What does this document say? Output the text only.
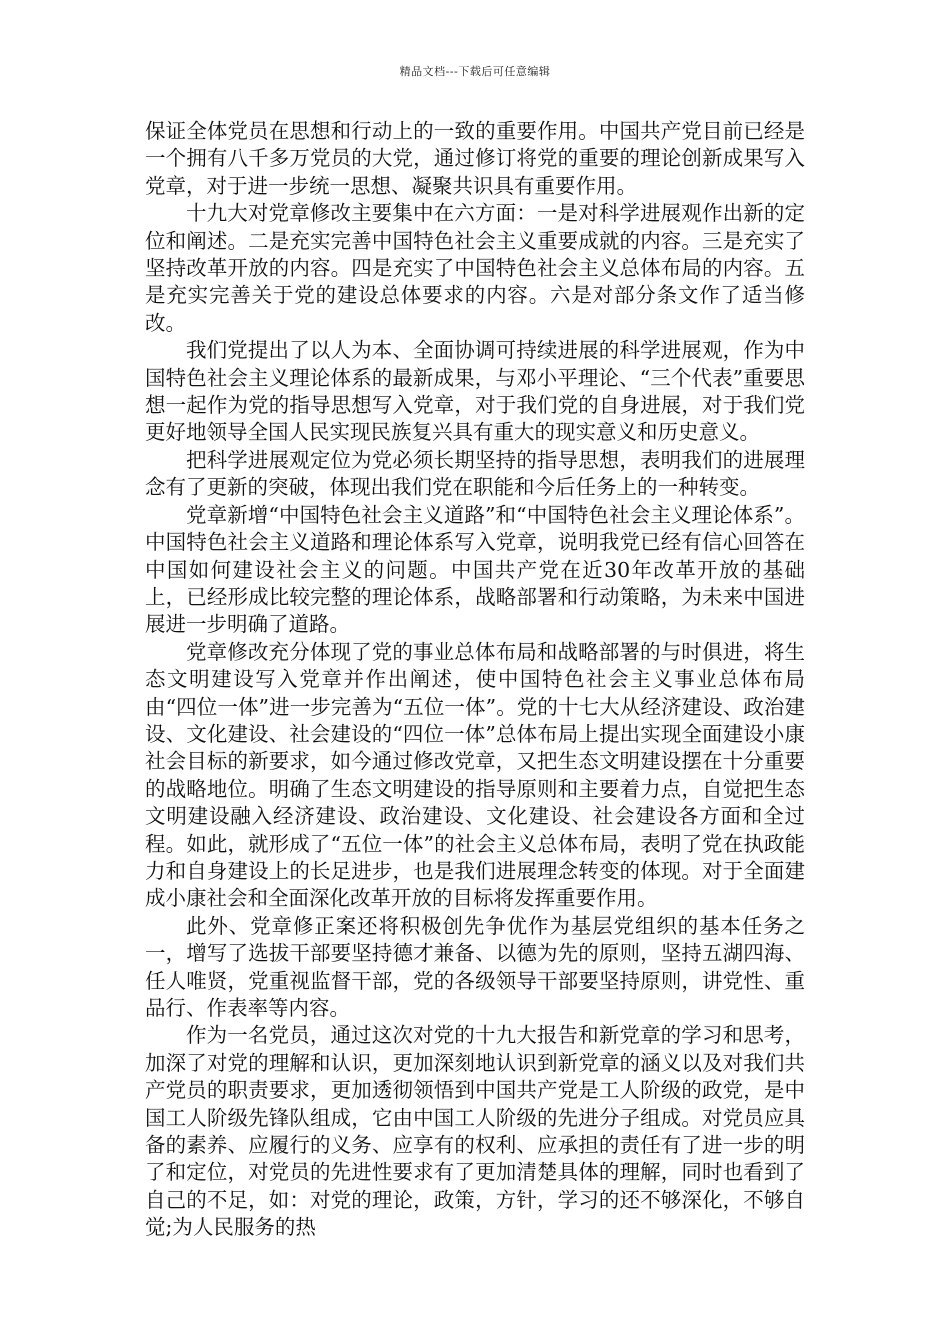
精品文档---下载后可任意编辑

保证全体党员在思想和行动上的一致的重要作用。中国共产党目前已经是一个拥有八千多万党员的大党，通过修订将党的重要的理论创新成果写入党章，对于进一步统一思想、凝聚共识具有重要作用。

十九大对党章修改主要集中在六方面：一是对科学进展观作出新的定位和阐述。二是充实完善中国特色社会主义重要成就的内容。三是充实了坚持改革开放的内容。四是充实了中国特色社会主义总体布局的内容。五是充实完善关于党的建设总体要求的内容。六是对部分条文作了适当修改。

我们党提出了以人为本、全面协调可持续进展的科学进展观，作为中国特色社会主义理论体系的最新成果，与邓小平理论、“三个代表”重要思想一起作为党的指导思想写入党章，对于我们党的自身进展，对于我们党更好地领导全国人民实现民族复兴具有重大的现实意义和历史意义。

把科学进展观定位为党必须长期坚持的指导思想，表明我们的进展理念有了更新的突破，体现出我们党在职能和今后任务上的一种转变。

党章新增“中国特色社会主义道路”和“中国特色社会主义理论体系”。中国特色社会主义道路和理论体系写入党章，说明我党已经有信心回答在中国如何建设社会主义的问题。中国共产党在近30年改革开放的基础上，已经形成比较完整的理论体系，战略部署和行动策略，为未来中国进展进一步明确了道路。

党章修改充分体现了党的事业总体布局和战略部署的与时俱进，将生态文明建设写入党章并作出阐述，使中国特色社会主义事业总体布局由“四位一体”进一步完善为“五位一体”。党的十七大从经济建设、政治建设、文化建设、社会建设的“四位一体”总体布局上提出实现全面建设小康社会目标的新要求，如今通过修改党章，又把生态文明建设摆在十分重要的战略地位。明确了生态文明建设的指导原则和主要着力点，自觉把生态文明建设融入经济建设、政治建设、文化建设、社会建设各方面和全过程。如此，就形成了“五位一体”的社会主义总体布局，表明了党在执政能力和自身建设上的长足进步，也是我们进展理念转变的体现。对于全面建成小康社会和全面深化改革开放的目标将发挥重要作用。

此外、党章修正案还将积极创先争优作为基层党组织的基本任务之一，增写了选拔干部要坚持德才兼备、以德为先的原则，坚持五湖四海、任人唯贤，党重视监督干部，党的各级领导干部要坚持原则，讲党性、重品行、作表率等内容。

作为一名党员，通过这次对党的十九大报告和新党章的学习和思考，加深了对党的理解和认识，更加深刻地认识到新党章的涵义以及对我们共产党员的职责要求，更加透彻领悟到中国共产党是工人阶级的政党，是中国工人阶级先锋队组成，它由中国工人阶级的先进分子组成。对党员应具备的素养、应履行的义务、应享有的权利、应承担的责任有了进一步的明了和定位，对党员的先进性要求有了更加清楚具体的理解，同时也看到了自己的不足，如：对党的理论，政策，方针，学习的还不够深化，不够自觉;为人民服务的热
